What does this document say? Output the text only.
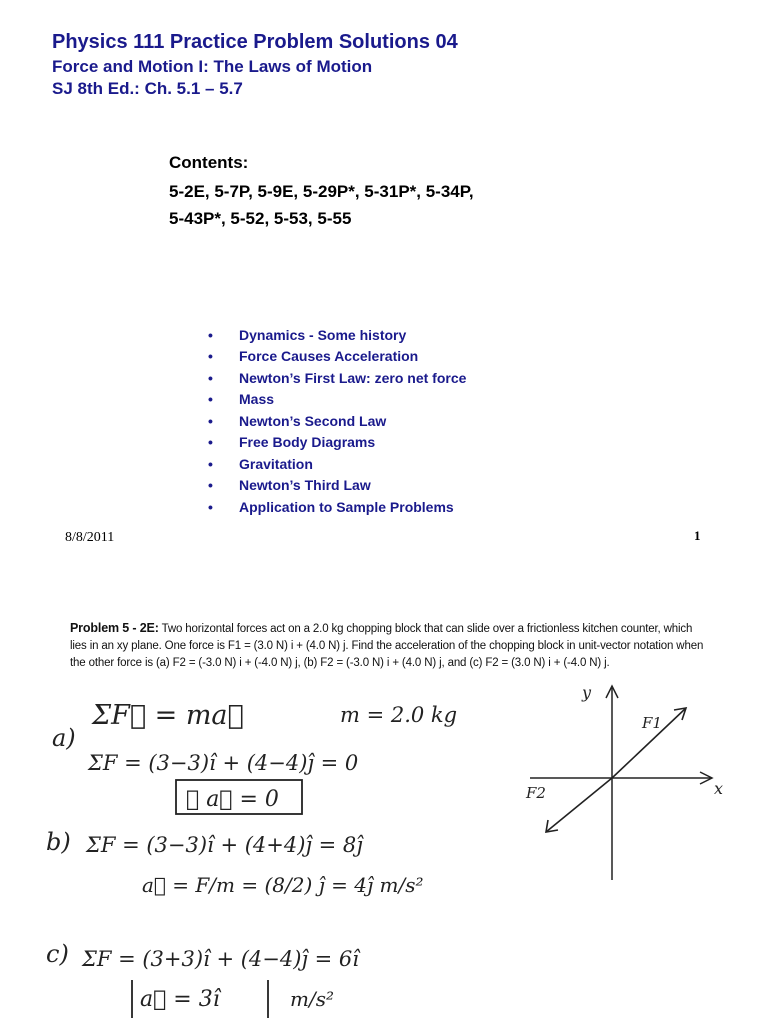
Physics 111 Practice Problem Solutions 04
Force and Motion I: The Laws of Motion
SJ 8th Ed.: Ch. 5.1 – 5.7
Contents:
5-2E, 5-7P, 5-9E, 5-29P*, 5-31P*, 5-34P,
5-43P*, 5-52, 5-53, 5-55
•	Dynamics - Some history
•	Force Causes Acceleration
•	Newton’s First Law: zero net force
•	Mass
•	Newton’s Second Law
•	Free Body Diagrams
•	Gravitation
•	Newton’s Third Law
•	Application to Sample Problems
8/8/2011	1
Problem 5 - 2E: Two horizontal forces act on a 2.0 kg chopping block that can slide over a frictionless kitchen counter, which lies in an xy plane. One force is F1 = (3.0 N) i + (4.0 N) j. Find the acceleration of the chopping block in unit-vector notation when the other force is (a) F2 = (-3.0 N) i + (-4.0 N) j, (b) F2 = (-3.0 N) i + (4.0 N) j, and (c) F2 = (3.0 N) i + (-4.0 N) j.
ΣF⃗ = ma⃗	m = 2.0 kg
a)
ΣF = (3−3)î + (4−4)ĵ = 0
∴ a⃗ = 0
b) ΣF = (3−3)î + (4+4)ĵ = 8ĵ
a⃗ = F/m = (8/2) ĵ = 4ĵ m/s²
c) ΣF = (3+3)î + (4−4)ĵ = 6î
a⃗ = 3î	m/s²
y
x
F1
F2
